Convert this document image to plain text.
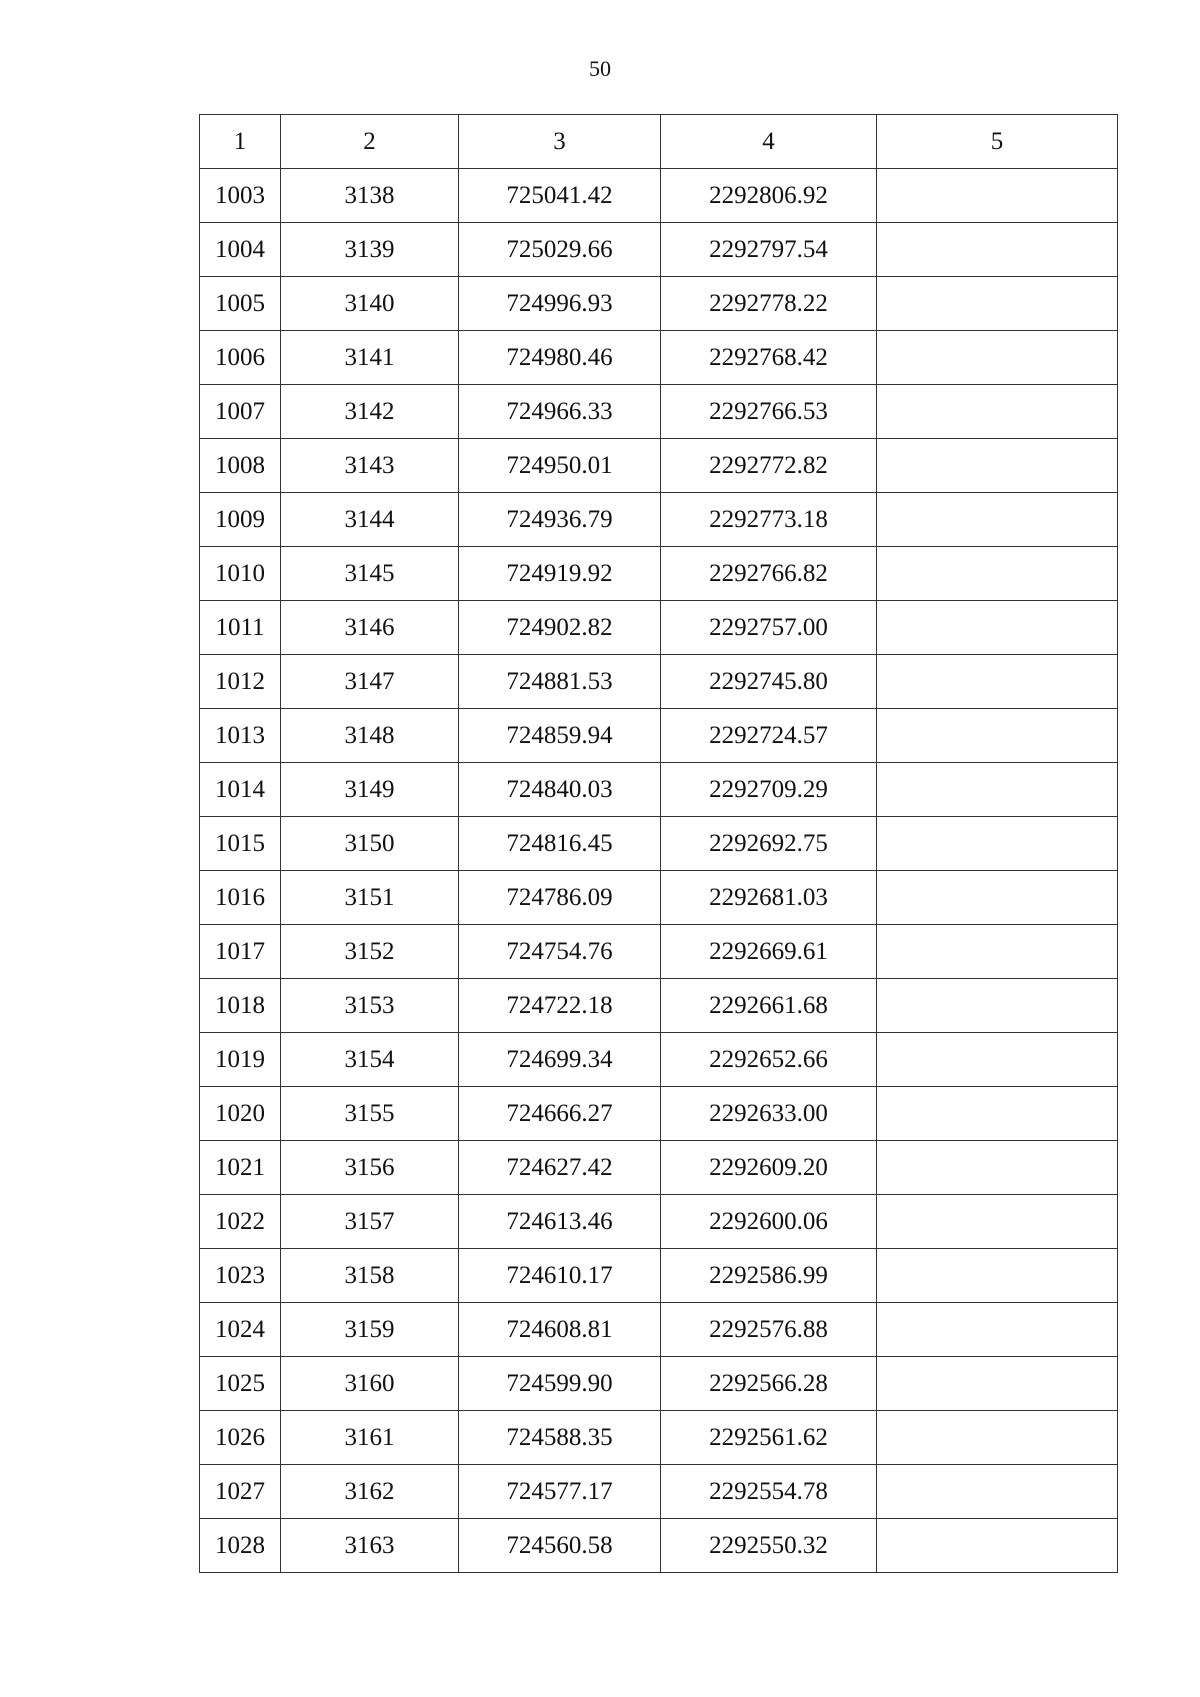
50
1	2	3	4	5
1003	3138	725041.42	2292806.92	
1004	3139	725029.66	2292797.54	
1005	3140	724996.93	2292778.22	
1006	3141	724980.46	2292768.42	
1007	3142	724966.33	2292766.53	
1008	3143	724950.01	2292772.82	
1009	3144	724936.79	2292773.18	
1010	3145	724919.92	2292766.82	
1011	3146	724902.82	2292757.00	
1012	3147	724881.53	2292745.80	
1013	3148	724859.94	2292724.57	
1014	3149	724840.03	2292709.29	
1015	3150	724816.45	2292692.75	
1016	3151	724786.09	2292681.03	
1017	3152	724754.76	2292669.61	
1018	3153	724722.18	2292661.68	
1019	3154	724699.34	2292652.66	
1020	3155	724666.27	2292633.00	
1021	3156	724627.42	2292609.20	
1022	3157	724613.46	2292600.06	
1023	3158	724610.17	2292586.99	
1024	3159	724608.81	2292576.88	
1025	3160	724599.90	2292566.28	
1026	3161	724588.35	2292561.62	
1027	3162	724577.17	2292554.78	
1028	3163	724560.58	2292550.32	
